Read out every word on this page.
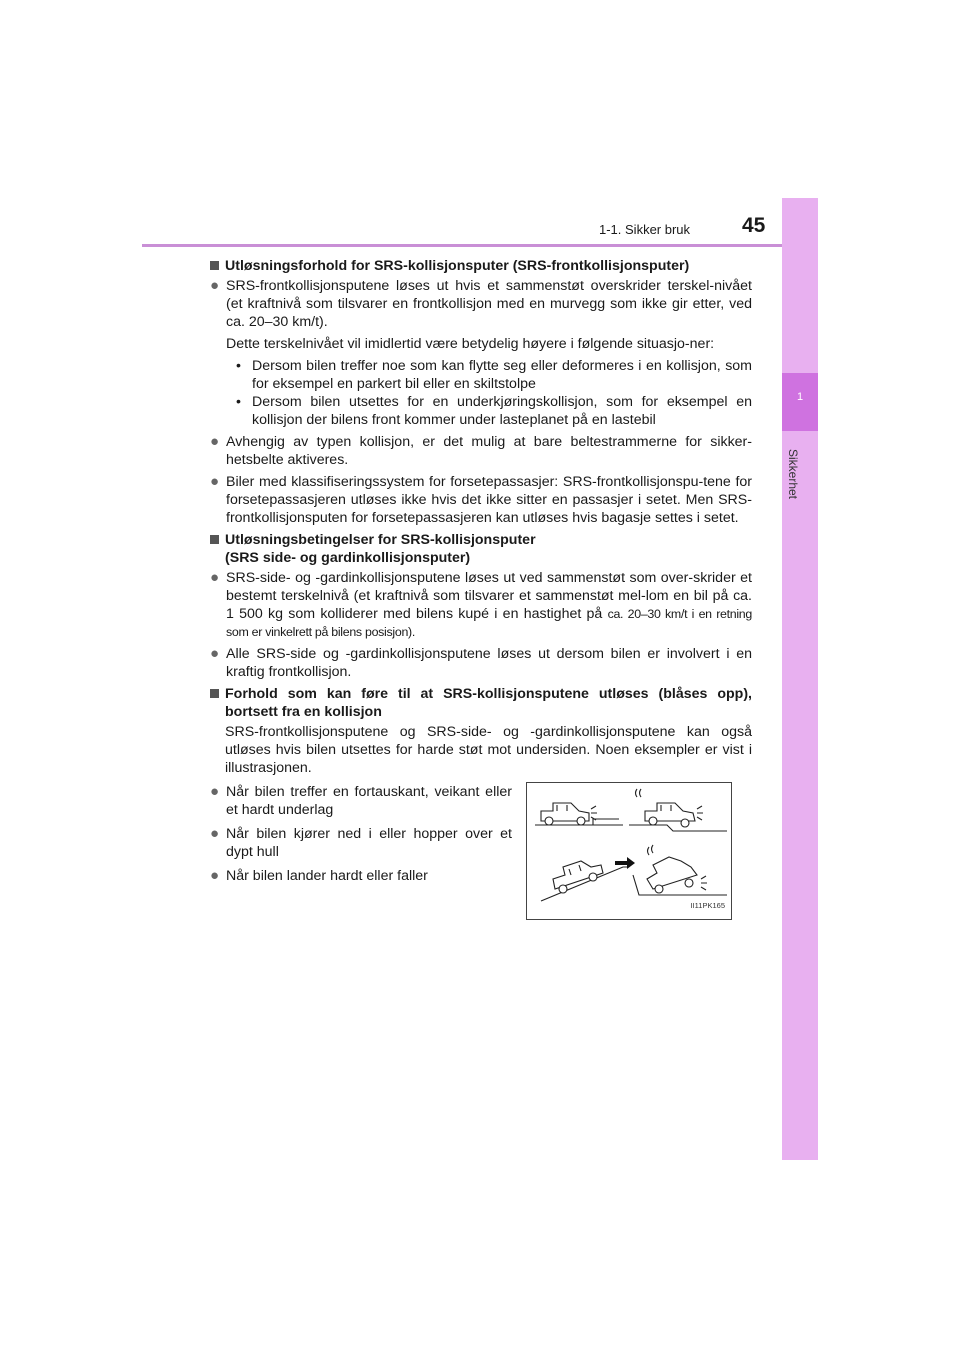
1-1. Sikker bruk 45
1
Sikkerhet
Utløsningsforhold for SRS-kollisjonsputer (SRS-frontkollisjonsputer)
● SRS-frontkollisjonsputene løses ut hvis et sammenstøt overskrider terskel-nivået (et kraftnivå som tilsvarer en frontkollisjon med en murvegg som ikke gir etter, ved ca. 20–30 km/t).
Dette terskelnivået vil imidlertid være betydelig høyere i følgende situasjo-ner:
• Dersom bilen treffer noe som kan flytte seg eller deformeres i en kollisjon, som for eksempel en parkert bil eller en skiltstolpe
• Dersom bilen utsettes for en underkjøringskollisjon, som for eksempel en kollisjon der bilens front kommer under lasteplanet på en lastebil
● Avhengig av typen kollisjon, er det mulig at bare beltestrammerne for sikker-hetsbelte aktiveres.
● Biler med klassifiseringssystem for forsetepassasjer: SRS-frontkollisjonspu-tene for forsetepassasjeren utløses ikke hvis det ikke sitter en passasjer i setet. Men SRS-frontkollisjonsputen for forsetepassasjeren kan utløses hvis bagasje settes i setet.
Utløsningsbetingelser for SRS-kollisjonsputer
(SRS side- og gardinkollisjonsputer)
● SRS-side- og -gardinkollisjonsputene løses ut ved sammenstøt som over-skrider et bestemt terskelnivå (et kraftnivå som tilsvarer et sammenstøt mel-lom en bil på ca. 1 500 kg som kolliderer med bilens kupé i en hastighet på ca. 20–30 km/t i en retning som er vinkelrett på bilens posisjon).
● Alle SRS-side og -gardinkollisjonsputene løses ut dersom bilen er involvert i en kraftig frontkollisjon.
Forhold som kan føre til at SRS-kollisjonsputene utløses (blåses opp), bortsett fra en kollisjon
SRS-frontkollisjonsputene og SRS-side- og -gardinkollisjonsputene kan også utløses hvis bilen utsettes for harde støt mot undersiden. Noen eksempler er vist i illustrasjonen.
● Når bilen treffer en fortauskant, veikant eller et hardt underlag
● Når bilen kjører ned i eller hopper over et dypt hull
● Når bilen lander hardt eller faller
II11PK165
